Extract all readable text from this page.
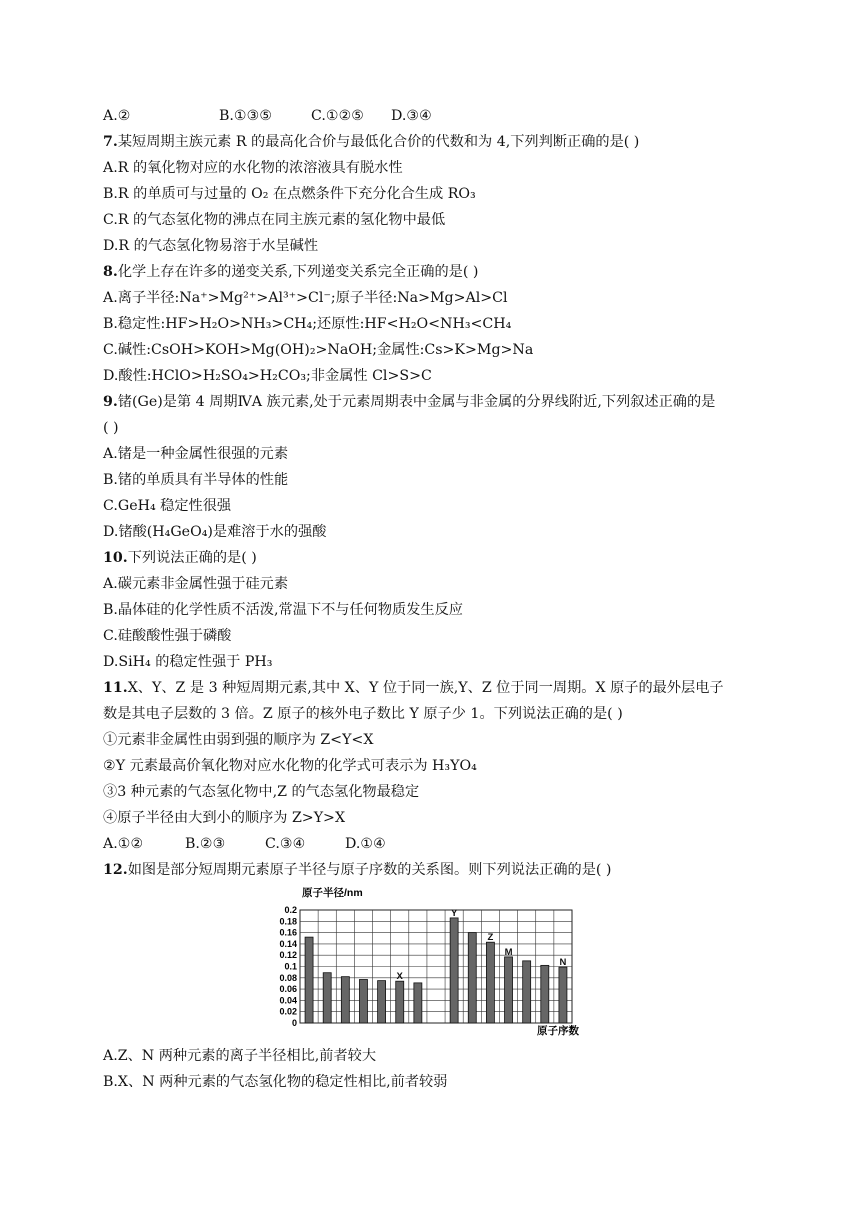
A.②	B.①③⑤	C.①②⑤ D.③④
7.某短周期主族元素 R 的最高化合价与最低化合价的代数和为 4,下列判断正确的是( )
A.R 的氧化物对应的水化物的浓溶液具有脱水性
B.R 的单质可与过量的 O₂ 在点燃条件下充分化合生成 RO₃
C.R 的气态氢化物的沸点在同主族元素的氢化物中最低
D.R 的气态氢化物易溶于水呈碱性
8.化学上存在许多的递变关系,下列递变关系完全正确的是( )
A.离子半径:Na⁺>Mg²⁺>Al³⁺>Cl⁻;原子半径:Na>Mg>Al>Cl
B.稳定性:HF>H₂O>NH₃>CH₄;还原性:HF<H₂O<NH₃<CH₄
C.碱性:CsOH>KOH>Mg(OH)₂>NaOH;金属性:Cs>K>Mg>Na
D.酸性:HClO>H₂SO₄>H₂CO₃;非金属性 Cl>S>C
9.锗(Ge)是第 4 周期ⅣA 族元素,处于元素周期表中金属与非金属的分界线附近,下列叙述正确的是
( )
A.锗是一种金属性很强的元素
B.锗的单质具有半导体的性能
C.GeH₄ 稳定性很强
D.锗酸(H₄GeO₄)是难溶于水的强酸
10.下列说法正确的是( )
A.碳元素非金属性强于硅元素
B.晶体硅的化学性质不活泼,常温下不与任何物质发生反应
C.硅酸酸性强于磷酸
D.SiH₄ 的稳定性强于 PH₃
11.X、Y、Z 是 3 种短周期元素,其中 X、Y 位于同一族,Y、Z 位于同一周期。X 原子的最外层电子
数是其电子层数的 3 倍。Z 原子的核外电子数比 Y 原子少 1。下列说法正确的是( )
①元素非金属性由弱到强的顺序为 Z<Y<X
②Y 元素最高价氧化物对应水化物的化学式可表示为 H₃YO₄
③3 种元素的气态氢化物中,Z 的气态氢化物最稳定
④原子半径由大到小的顺序为 Z>Y>X
A.①②	B.②③	C.③④	D.①④
12.如图是部分短周期元素原子半径与原子序数的关系图。则下列说法正确的是( )
0
0.02
0.04
0.06
0.08
0.1
0.12
0.14
0.16
0.18
0.2
X
Y
Z
M
N
原子半径/nm
原子序数
A.Z、N 两种元素的离子半径相比,前者较大
B.X、N 两种元素的气态氢化物的稳定性相比,前者较弱
